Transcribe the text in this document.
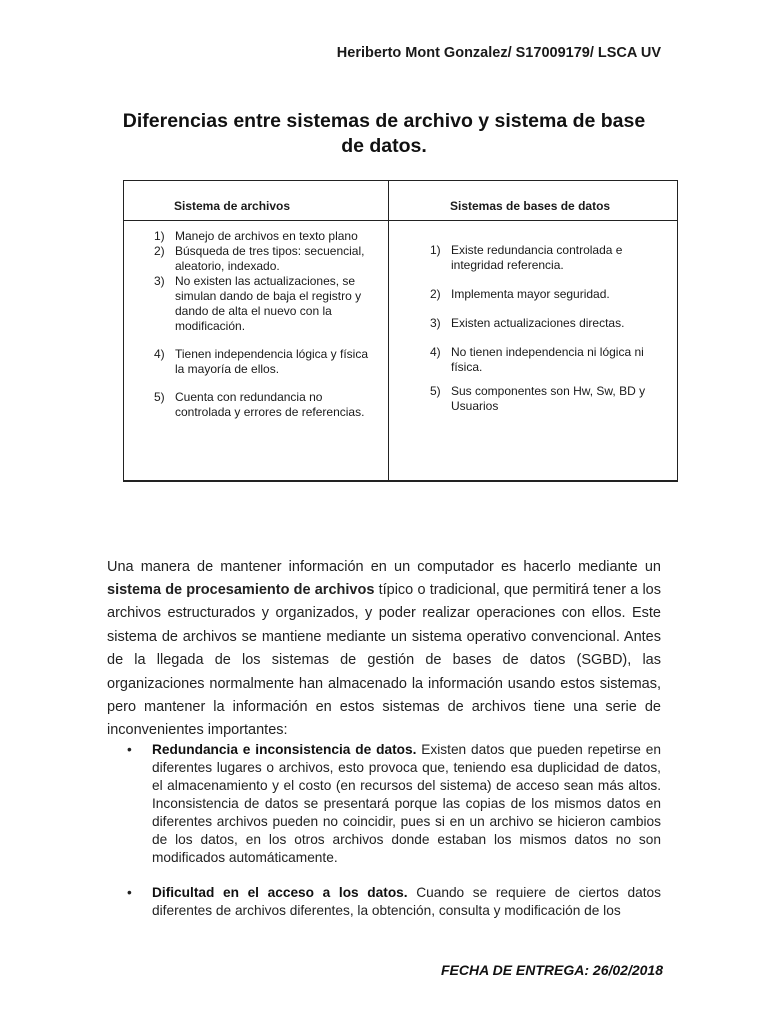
Heriberto Mont Gonzalez/ S17009179/ LSCA UV
Diferencias entre sistemas de archivo y sistema de base
de datos.
Sistema de archivos	Sistemas de bases de datos
1) Manejo de archivos en texto plano
2) Búsqueda de tres tipos: secuencial, aleatorio, indexado.
3) No existen las actualizaciones, se simulan dando de baja el registro y dando de alta el nuevo con la modificación.
4) Tienen independencia lógica y física la mayoría de ellos.
5) Cuenta con redundancia no controlada y errores de referencias.
1) Existe redundancia controlada e integridad referencia.
2) Implementa mayor seguridad.
3) Existen actualizaciones directas.
4) No tienen independencia ni lógica ni física.
5) Sus componentes son Hw, Sw, BD y Usuarios

Una manera de mantener información en un computador es hacerlo mediante un sistema de procesamiento de archivos típico o tradicional, que permitirá tener a los archivos estructurados y organizados, y poder realizar operaciones con ellos. Este sistema de archivos se mantiene mediante un sistema operativo convencional. Antes de la llegada de los sistemas de gestión de bases de datos (SGBD), las organizaciones normalmente han almacenado la información usando estos sistemas, pero mantener la información en estos sistemas de archivos tiene una serie de inconvenientes importantes:

• Redundancia e inconsistencia de datos. Existen datos que pueden repetirse en diferentes lugares o archivos, esto provoca que, teniendo esa duplicidad de datos, el almacenamiento y el costo (en recursos del sistema) de acceso sean más altos. Inconsistencia de datos se presentará porque las copias de los mismos datos en diferentes archivos pueden no coincidir, pues si en un archivo se hicieron cambios de los datos, en los otros archivos donde estaban los mismos datos no son modificados automáticamente.
• Dificultad en el acceso a los datos. Cuando se requiere de ciertos datos diferentes de archivos diferentes, la obtención, consulta y modificación de los
FECHA DE ENTREGA: 26/02/2018
